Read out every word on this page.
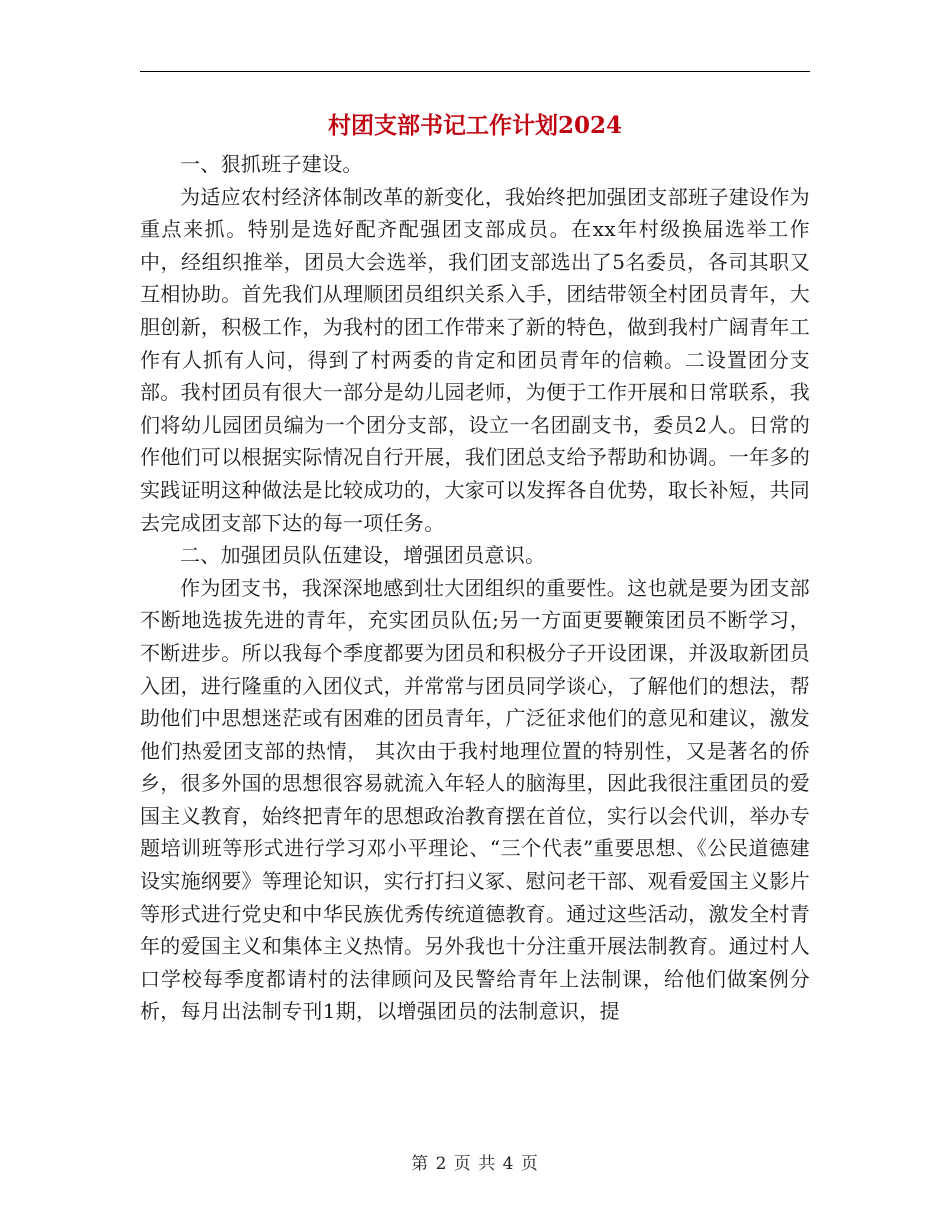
村团支部书记工作计划2024

一、狠抓班子建设。

为适应农村经济体制改革的新变化，我始终把加强团支部班子建设作为重点来抓。特别是选好配齐配强团支部成员。在xx年村级换届选举工作中，经组织推举，团员大会选举，我们团支部选出了5名委员，各司其职又互相协助。首先我们从理顺团员组织关系入手，团结带领全村团员青年，大胆创新，积极工作，为我村的团工作带来了新的特色，做到我村广阔青年工作有人抓有人问，得到了村两委的肯定和团员青年的信赖。二设置团分支部。我村团员有很大一部分是幼儿园老师，为便于工作开展和日常联系，我们将幼儿园团员编为一个团分支部，设立一名团副支书，委员2人。日常的作他们可以根据实际情况自行开展，我们团总支给予帮助和协调。一年多的实践证明这种做法是比较成功的，大家可以发挥各自优势，取长补短，共同去完成团支部下达的每一项任务。

二、加强团员队伍建设，增强团员意识。

作为团支书，我深深地感到壮大团组织的重要性。这也就是要为团支部不断地选拔先进的青年，充实团员队伍;另一方面更要鞭策团员不断学习，不断进步。所以我每个季度都要为团员和积极分子开设团课，并汲取新团员入团，进行隆重的入团仪式，并常常与团员同学谈心，了解他们的想法，帮助他们中思想迷茫或有困难的团员青年，广泛征求他们的意见和建议，激发他们热爱团支部的热情， 其次由于我村地理位置的特别性，又是著名的侨乡，很多外国的思想很容易就流入年轻人的脑海里，因此我很注重团员的爱国主义教育，始终把青年的思想政治教育摆在首位，实行以会代训，举办专题培训班等形式进行学习邓小平理论、“三个代表”重要思想、《公民道德建设实施纲要》等理论知识，实行打扫义冢、慰问老干部、观看爱国主义影片等形式进行党史和中华民族优秀传统道德教育。通过这些活动，激发全村青年的爱国主义和集体主义热情。另外我也十分注重开展法制教育。通过村人口学校每季度都请村的法律顾问及民警给青年上法制课，给他们做案例分析，每月出法制专刊1期，以增强团员的法制意识，提

第 2 页 共 4 页
